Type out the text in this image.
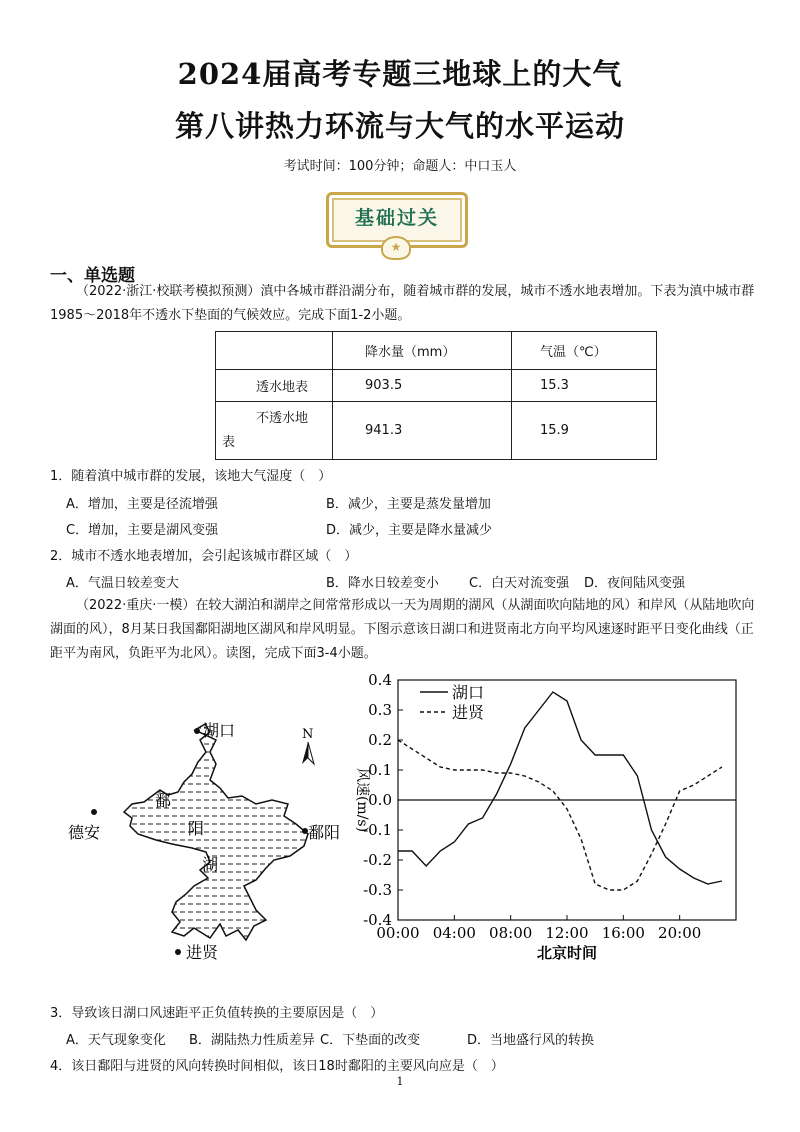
2024届高考专题三地球上的大气
第八讲热力环流与大气的水平运动
考试时间：100分钟；命题人：中口玉人
基础过关
★
一、单选题
（2022·浙江·校联考模拟预测）滇中各城市群沿湖分布，随着城市群的发展，城市不透水地表增加。下表为滇中城市群1985～2018年不透水下垫面的气候效应。完成下面1-2小题。
	降水量（mm）	气温（℃）
透水地表	903.5	15.3

不透水地
表	941.3	15.9
1．随着滇中城市群的发展，该地大气湿度（　）
A．增加，主要是径流增强	B．减少，主要是蒸发量增加
C．增加，主要是湖风变强	D．减少，主要是降水量减少
2．城市不透水地表增加，会引起该城市群区域（　）
A．气温日较差变大	B．降水日较差变小 C．白天对流变强 D．夜间陆风变强
（2022·重庆·一模）在较大湖泊和湖岸之间常常形成以一天为周期的湖风（从湖面吹向陆地的风）和岸风（从陆地吹向湖面的风），8月某日我国鄱阳湖地区湖风和岸风明显。下图示意该日湖口和进贤南北方向平均风速逐时距平日变化曲线（正距平为南风，负距平为北风）。读图，完成下面3-4小题。
湖口
德安	鄱阳
进贤
鄱
阳
湖
N
0.4
0.3
0.2
0.1
0.0
-0.1
-0.2
-0.3
-0.4
00:00 04:00 08:00 12:00 16:00 20:00
北京时间
风速(m/s)
湖口
进贤
3．导致该日湖口风速距平正负值转换的主要原因是（　）
A．天气现象变化 B．湖陆热力性质差异 C．下垫面的改变	D．当地盛行风的转换
4．该日鄱阳与进贤的风向转换时间相似，该日18时鄱阳的主要风向应是（　）
1
